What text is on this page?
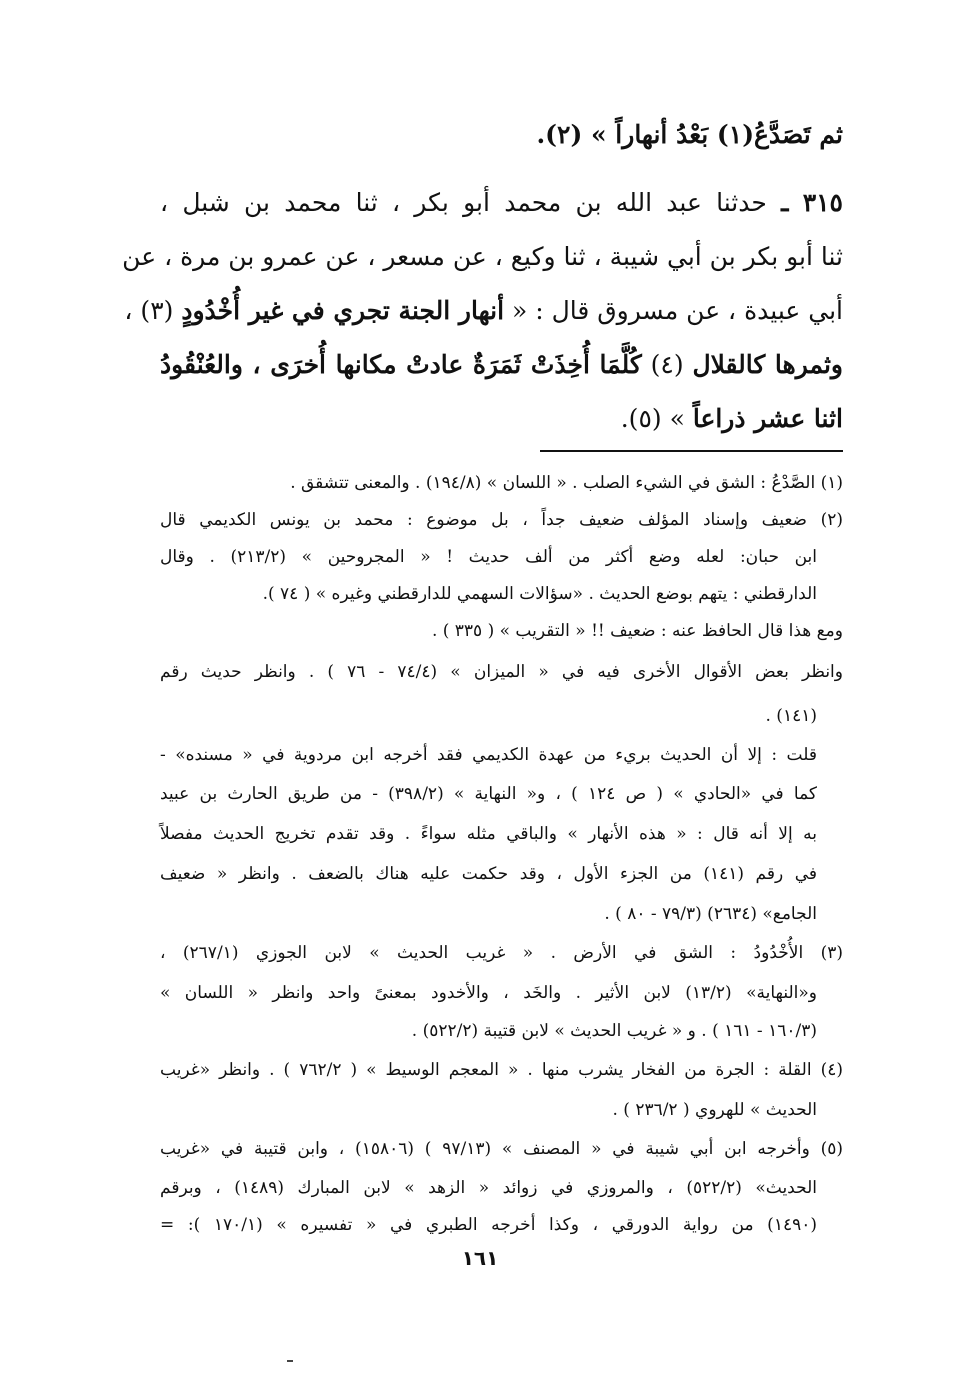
ثم تَصَدَّعُ(١) بَعْدُ أنهاراً » (٢).
٣١٥ ـ حدثنا عبد الله بن محمد أبو بكر ، ثنا محمد بن شبل ،
ثنا أبو بكر بن أبي شيبة ، ثنا وكيع ، عن مسعر ، عن عمرو بن مرة ، عن
أبي عبيدة ، عن مسروق قال : « أنهار الجنة تجري في غير أُخْدُودٍ (٣) ،
وثمرها كالقلال (٤) كُلَّمَا أُخِذَتْ ثَمَرَةٌ عادتْ مكانها أُخرَى ، والعُنْقُودُ
اثنا عشر ذراعاً » (٥).
(١) الصَّدْعُ : الشق في الشيء الصلب . « اللسان » (١٩٤/٨) . والمعنى تتشقق .
(٢) ضعيف وإسناد المؤلف ضعيف جداً ، بل موضوع : محمد بن يونس الكديمي قال
ابن حبان: لعله وضع أكثر من ألف حديث ! « المجروحين » (٢١٣/٢) . وقال
الدارقطني : يتهم بوضع الحديث . «سؤالات السهمي للدارقطني وغيره » ( ٧٤ ).
ومع هذا قال الحافظ عنه : ضعيف !! « التقريب » ( ٣٣٥ ) .
وانظر بعض الأقوال الأخرى فيه في « الميزان » (٧٤/٤ - ٧٦ ) . وانظر حديث رقم
(١٤١) .
قلت : إلا أن الحديث بريء من عهدة الكديمي فقد أخرجه ابن مردوية في « مسنده» -
كما في «الحادي » ( ص ١٢٤ ) ، و« النهاية » (٣٩٨/٢) - من طريق الحارث بن عبيد
به إلا أنه قال : « هذه الأنهار » والباقي مثله سواءً . وقد تقدم تخريج الحديث مفصلاً
في رقم (١٤١) من الجزء الأول ، وقد حكمت عليه هناك بالضعف . وانظر « ضعيف
الجامع» (٢٦٣٤) (٧٩/٣ - ٨٠ ) .
(٣) الأُخْدُودُ : الشق في الأرض . « غريب الحديث » لابن الجوزي (٢٦٧/١) ،
و«النهاية» (١٣/٢) لابن الأثير . والخَد ، والأخدود بمعنىً واحد وانظر « اللسان »
(١٦٠/٣ - ١٦١ ) . و « غريب الحديث » لابن قتيبة (٥٢٢/٢) .
(٤) القلة : الجرة من الفخار يشرب منها . « المعجم الوسيط » ( ٧٦٢/٢ ) . وانظر «غريب
الحديث » للهروي ( ٢٣٦/٢ ) .
(٥) وأخرجه ابن أبي شيبة في « المصنف » (٩٧/١٣ ) (١٥٨٠٦) ، وابن قتيبة في «غريب
الحديث» (٥٢٢/٢) ، والمروزي في زوائد « الزهد » لابن المبارك (١٤٨٩) ، وبرقم
(١٤٩٠) من رواية الدورقي ، وكذا أخرجه الطبري في « تفسيره » (١٧٠/١ ): =
١٦١
